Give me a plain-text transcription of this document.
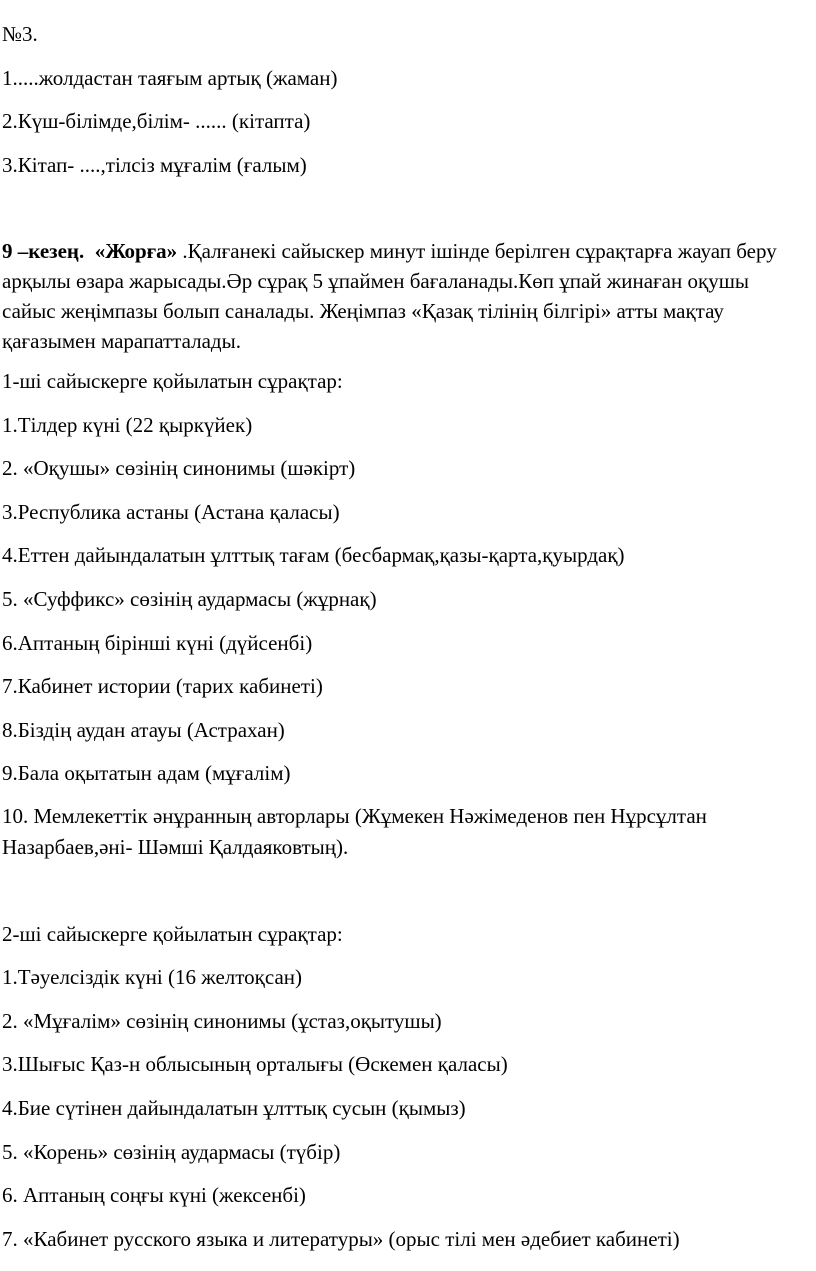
№3.

1.....жолдастан таяғым артық (жаман)

2.Күш-білімде,білім- ...... (кітапта)

3.Кітап- ....,тілсіз мұғалім (ғалым)

9 –кезең. «Жорға» .Қалғанекі сайыскер минут ішінде берілген сұрақтарға жауап беру арқылы өзара жарысады.Әр сұрақ 5 ұпаймен бағаланады.Көп ұпай жинаған оқушы сайыс жеңімпазы болып саналады. Жеңімпаз «Қазақ тілінің білгірі» атты мақтау қағазымен марапатталады.

1-ші сайыскерге қойылатын сұрақтар:

1.Тілдер күні (22 қыркүйек)

2. «Оқушы» сөзінің синонимы (шәкірт)

3.Республика астаны (Астана қаласы)

4.Еттен дайындалатын ұлттық тағам (бесбармақ,қазы-қарта,қуырдақ)

5. «Суффикс» сөзінің аудармасы (жұрнақ)

6.Аптаның бірінші күні (дүйсенбі)

7.Кабинет истории (тарих кабинеті)

8.Біздің аудан атауы (Астрахан)

9.Бала оқытатын адам (мұғалім)

10. Мемлекеттік әнұранның авторлары (Жұмекен Нәжімеденов пен Нұрсұлтан Назарбаев,әні- Шәмші Қалдаяковтың).

2-ші сайыскерге қойылатын сұрақтар:

1.Тәуелсіздік күні (16 желтоқсан)

2. «Мұғалім» сөзінің синонимы (ұстаз,оқытушы)

3.Шығыс Қаз-н облысының орталығы (Өскемен қаласы)

4.Бие сүтінен дайындалатын ұлттық сусын (қымыз)

5. «Корень» сөзінің аудармасы (түбір)

6. Аптаның соңғы күні (жексенбі)

7. «Кабинет русского языка и литературы» (орыс тілі мен әдебиет кабинеті)
